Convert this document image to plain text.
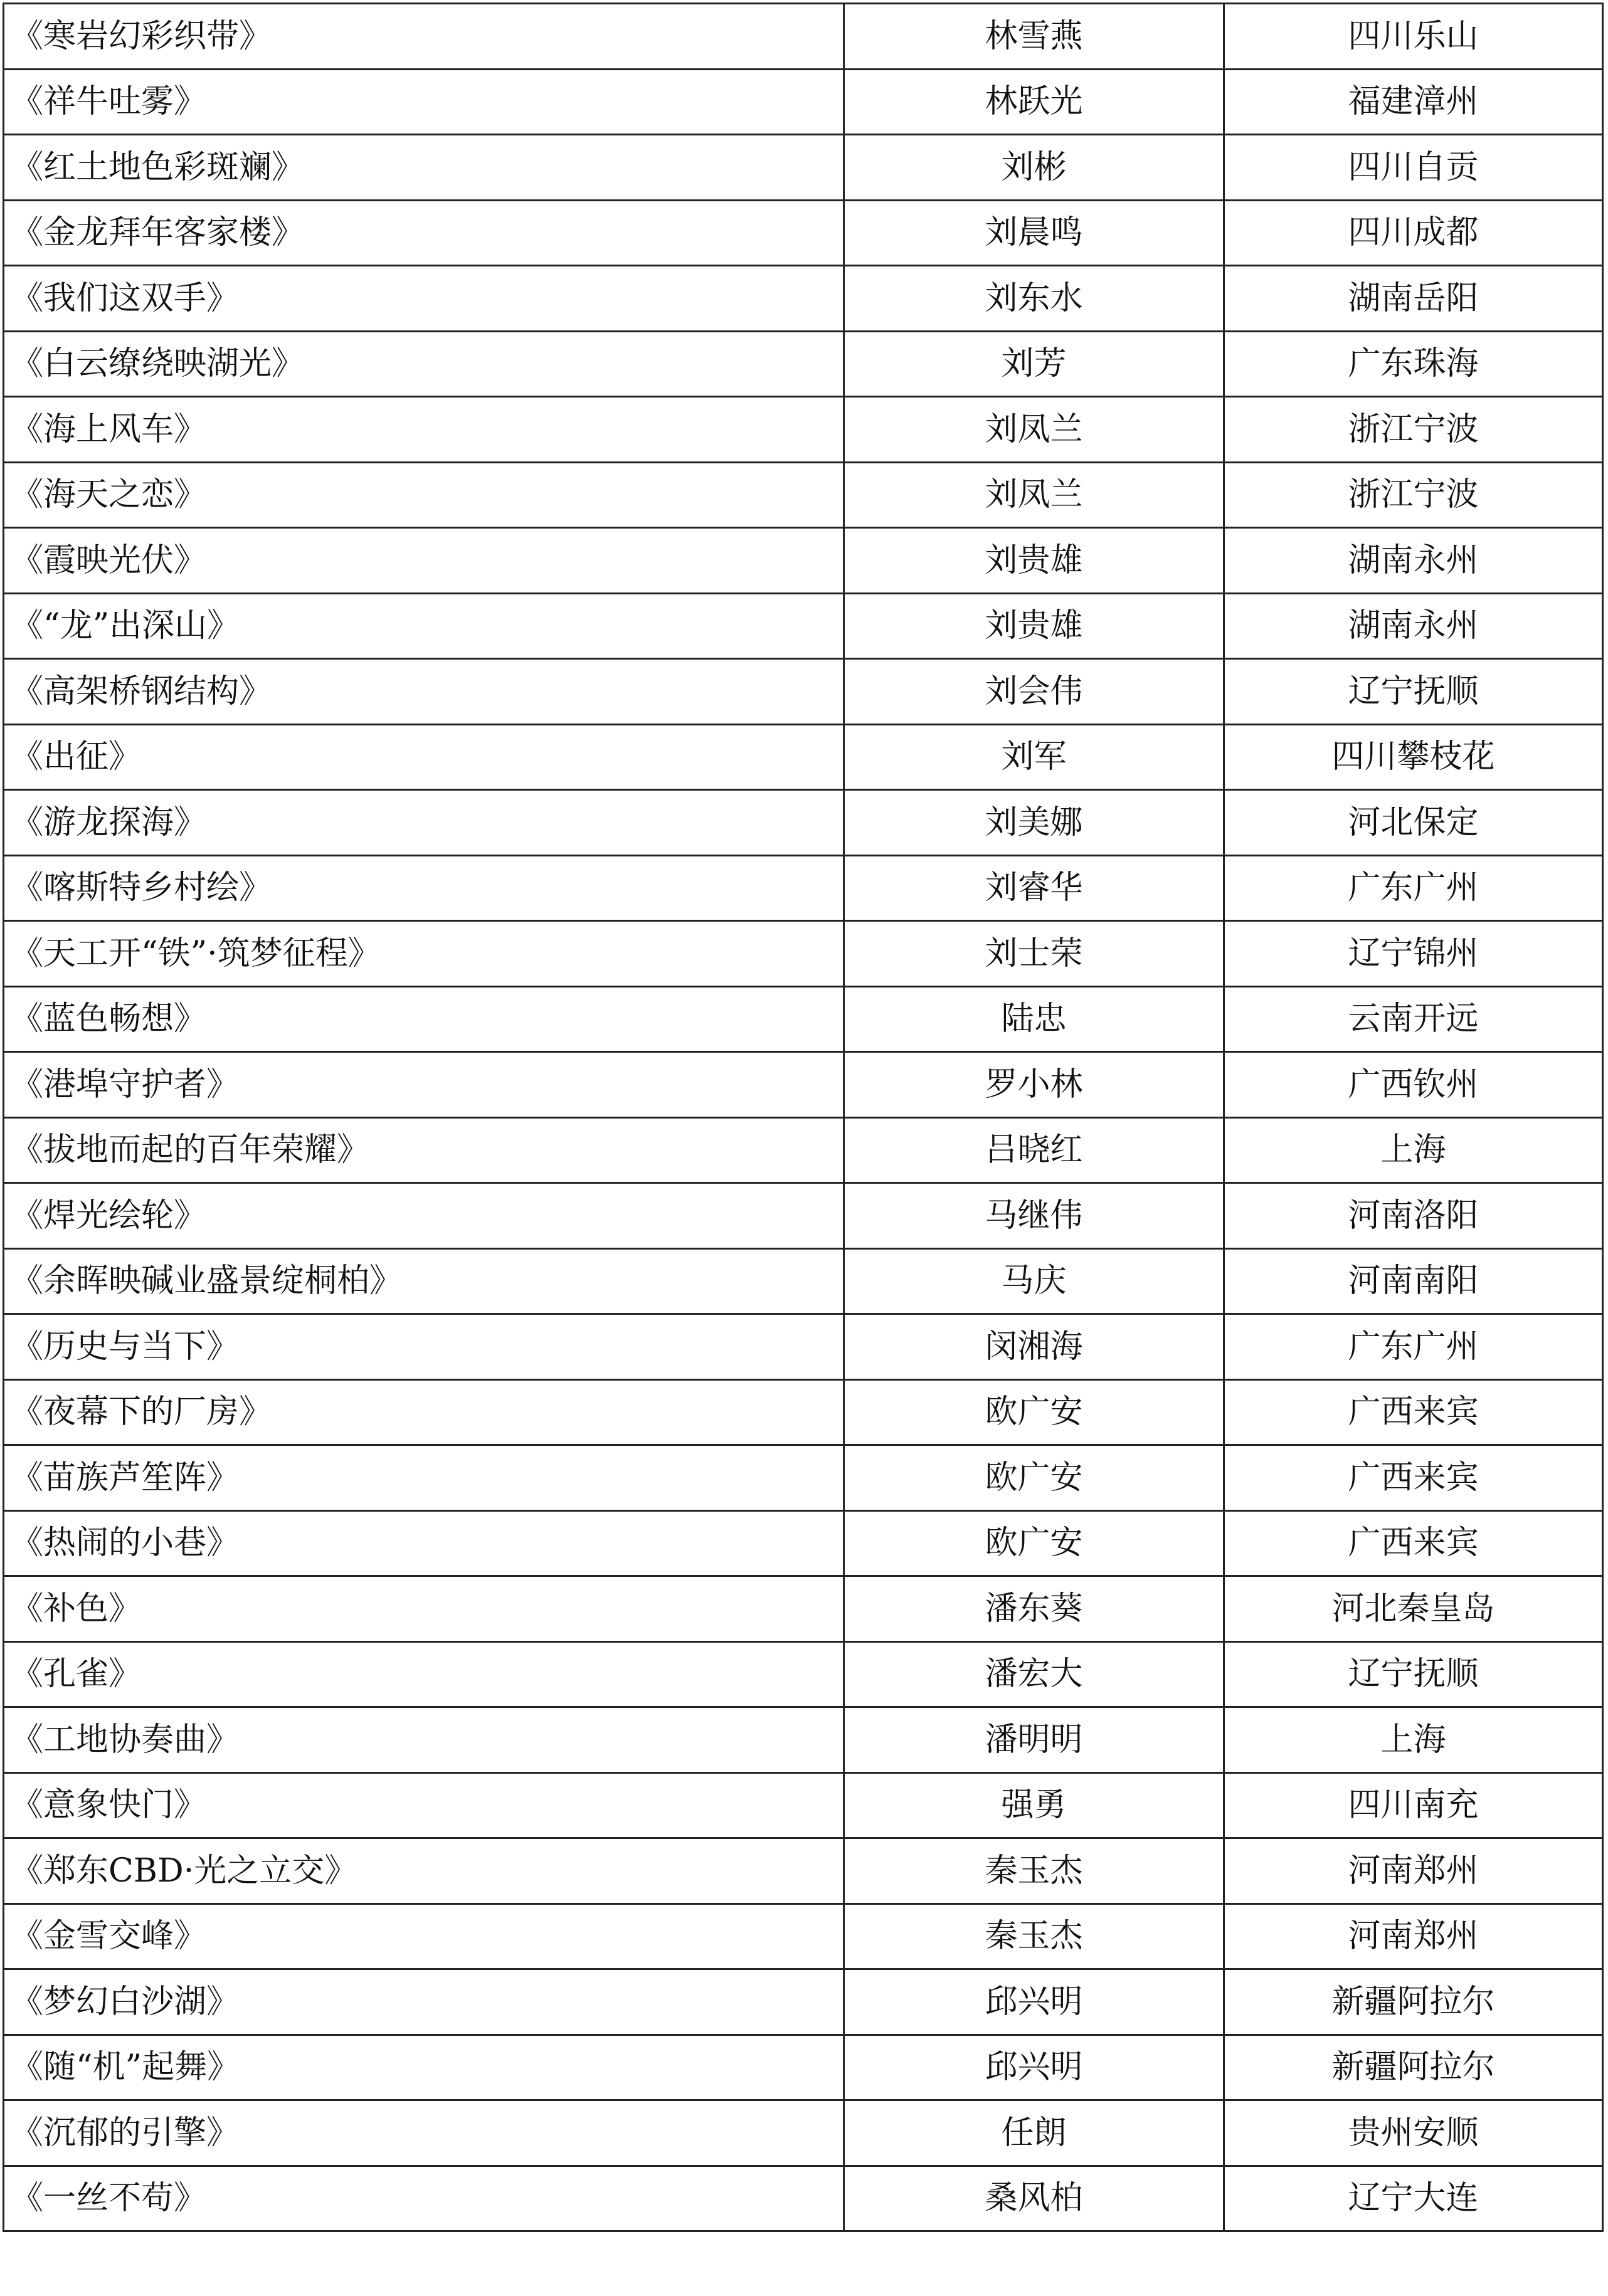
《寒岩幻彩织带》	林雪燕	四川乐山
《祥牛吐雾》	林跃光	福建漳州
《红土地色彩斑斓》	刘彬	四川自贡
《金龙拜年客家楼》	刘晨鸣	四川成都
《我们这双手》	刘东水	湖南岳阳
《白云缭绕映湖光》	刘芳	广东珠海
《海上风车》	刘凤兰	浙江宁波
《海天之恋》	刘凤兰	浙江宁波
《霞映光伏》	刘贵雄	湖南永州
《“龙”出深山》	刘贵雄	湖南永州
《高架桥钢结构》	刘会伟	辽宁抚顺
《出征》	刘军	四川攀枝花
《游龙探海》	刘美娜	河北保定
《喀斯特乡村绘》	刘睿华	广东广州
《天工开“铁”·筑梦征程》	刘士荣	辽宁锦州
《蓝色畅想》	陆忠	云南开远
《港埠守护者》	罗小林	广西钦州
《拔地而起的百年荣耀》	吕晓红	上海
《焊光绘轮》	马继伟	河南洛阳
《余晖映碱业盛景绽桐柏》	马庆	河南南阳
《历史与当下》	闵湘海	广东广州
《夜幕下的厂房》	欧广安	广西来宾
《苗族芦笙阵》	欧广安	广西来宾
《热闹的小巷》	欧广安	广西来宾
《补色》	潘东葵	河北秦皇岛
《孔雀》	潘宏大	辽宁抚顺
《工地协奏曲》	潘明明	上海
《意象快门》	强勇	四川南充
《郑东CBD·光之立交》	秦玉杰	河南郑州
《金雪交峰》	秦玉杰	河南郑州
《梦幻白沙湖》	邱兴明	新疆阿拉尔
《随“机”起舞》	邱兴明	新疆阿拉尔
《沉郁的引擎》	任朗	贵州安顺
《一丝不苟》	桑风柏	辽宁大连
